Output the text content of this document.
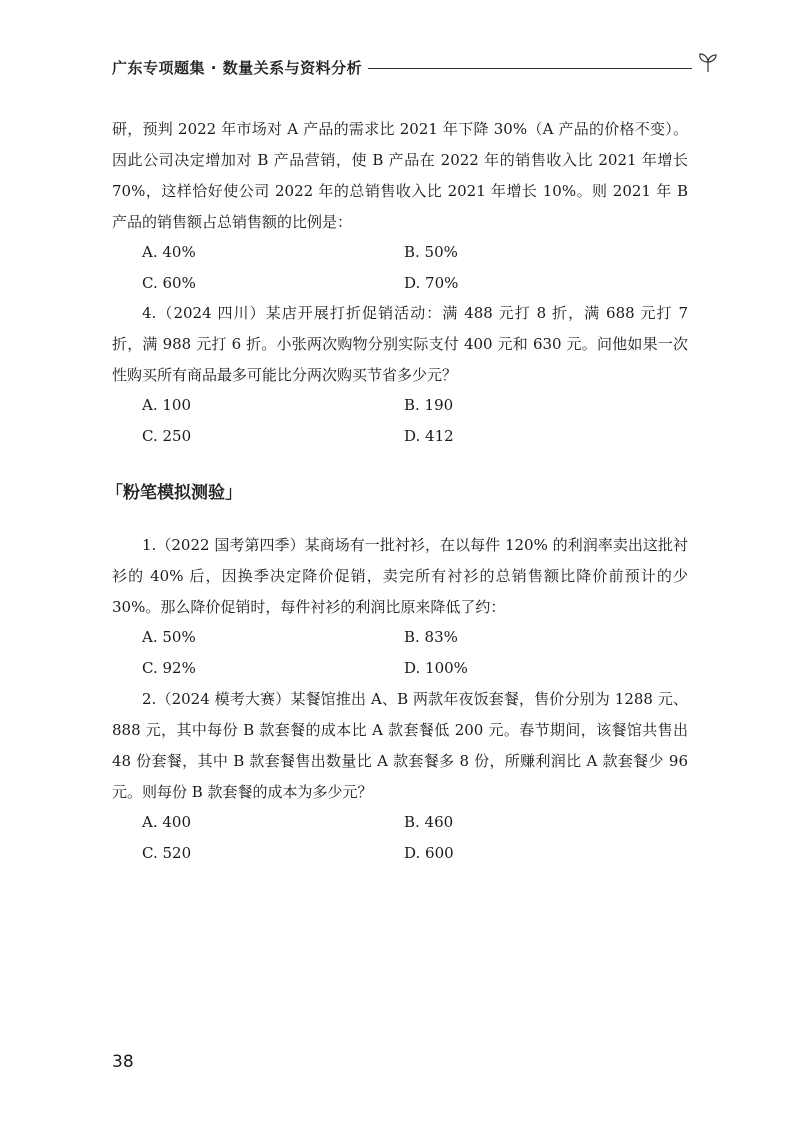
广东专项题集 · 数量关系与资料分析

研，预判 2022 年市场对 A 产品的需求比 2021 年下降 30%（A 产品的价格不变）。因此公司决定增加对 B 产品营销，使 B 产品在 2022 年的销售收入比 2021 年增长 70%，这样恰好使公司 2022 年的总销售收入比 2021 年增长 10%。则 2021 年 B 产品的销售额占总销售额的比例是：

A. 40%	B. 50%
C. 60%	D. 70%

4.（2024 四川）某店开展打折促销活动：满 488 元打 8 折，满 688 元打 7 折，满 988 元打 6 折。小张两次购物分别实际支付 400 元和 630 元。问他如果一次性购买所有商品最多可能比分两次购买节省多少元？

A. 100	B. 190
C. 250	D. 412
「粉笔模拟测验」

1.（2022 国考第四季）某商场有一批衬衫，在以每件 120% 的利润率卖出这批衬衫的 40% 后，因换季决定降价促销，卖完所有衬衫的总销售额比降价前预计的少 30%。那么降价促销时，每件衬衫的利润比原来降低了约：

A. 50%	B. 83%
C. 92%	D. 100%

2.（2024 模考大赛）某餐馆推出 A、B 两款年夜饭套餐，售价分别为 1288 元、888 元，其中每份 B 款套餐的成本比 A 款套餐低 200 元。春节期间，该餐馆共售出 48 份套餐，其中 B 款套餐售出数量比 A 款套餐多 8 份，所赚利润比 A 款套餐少 96 元。则每份 B 款套餐的成本为多少元？

A. 400	B. 460
C. 520	D. 600
38
